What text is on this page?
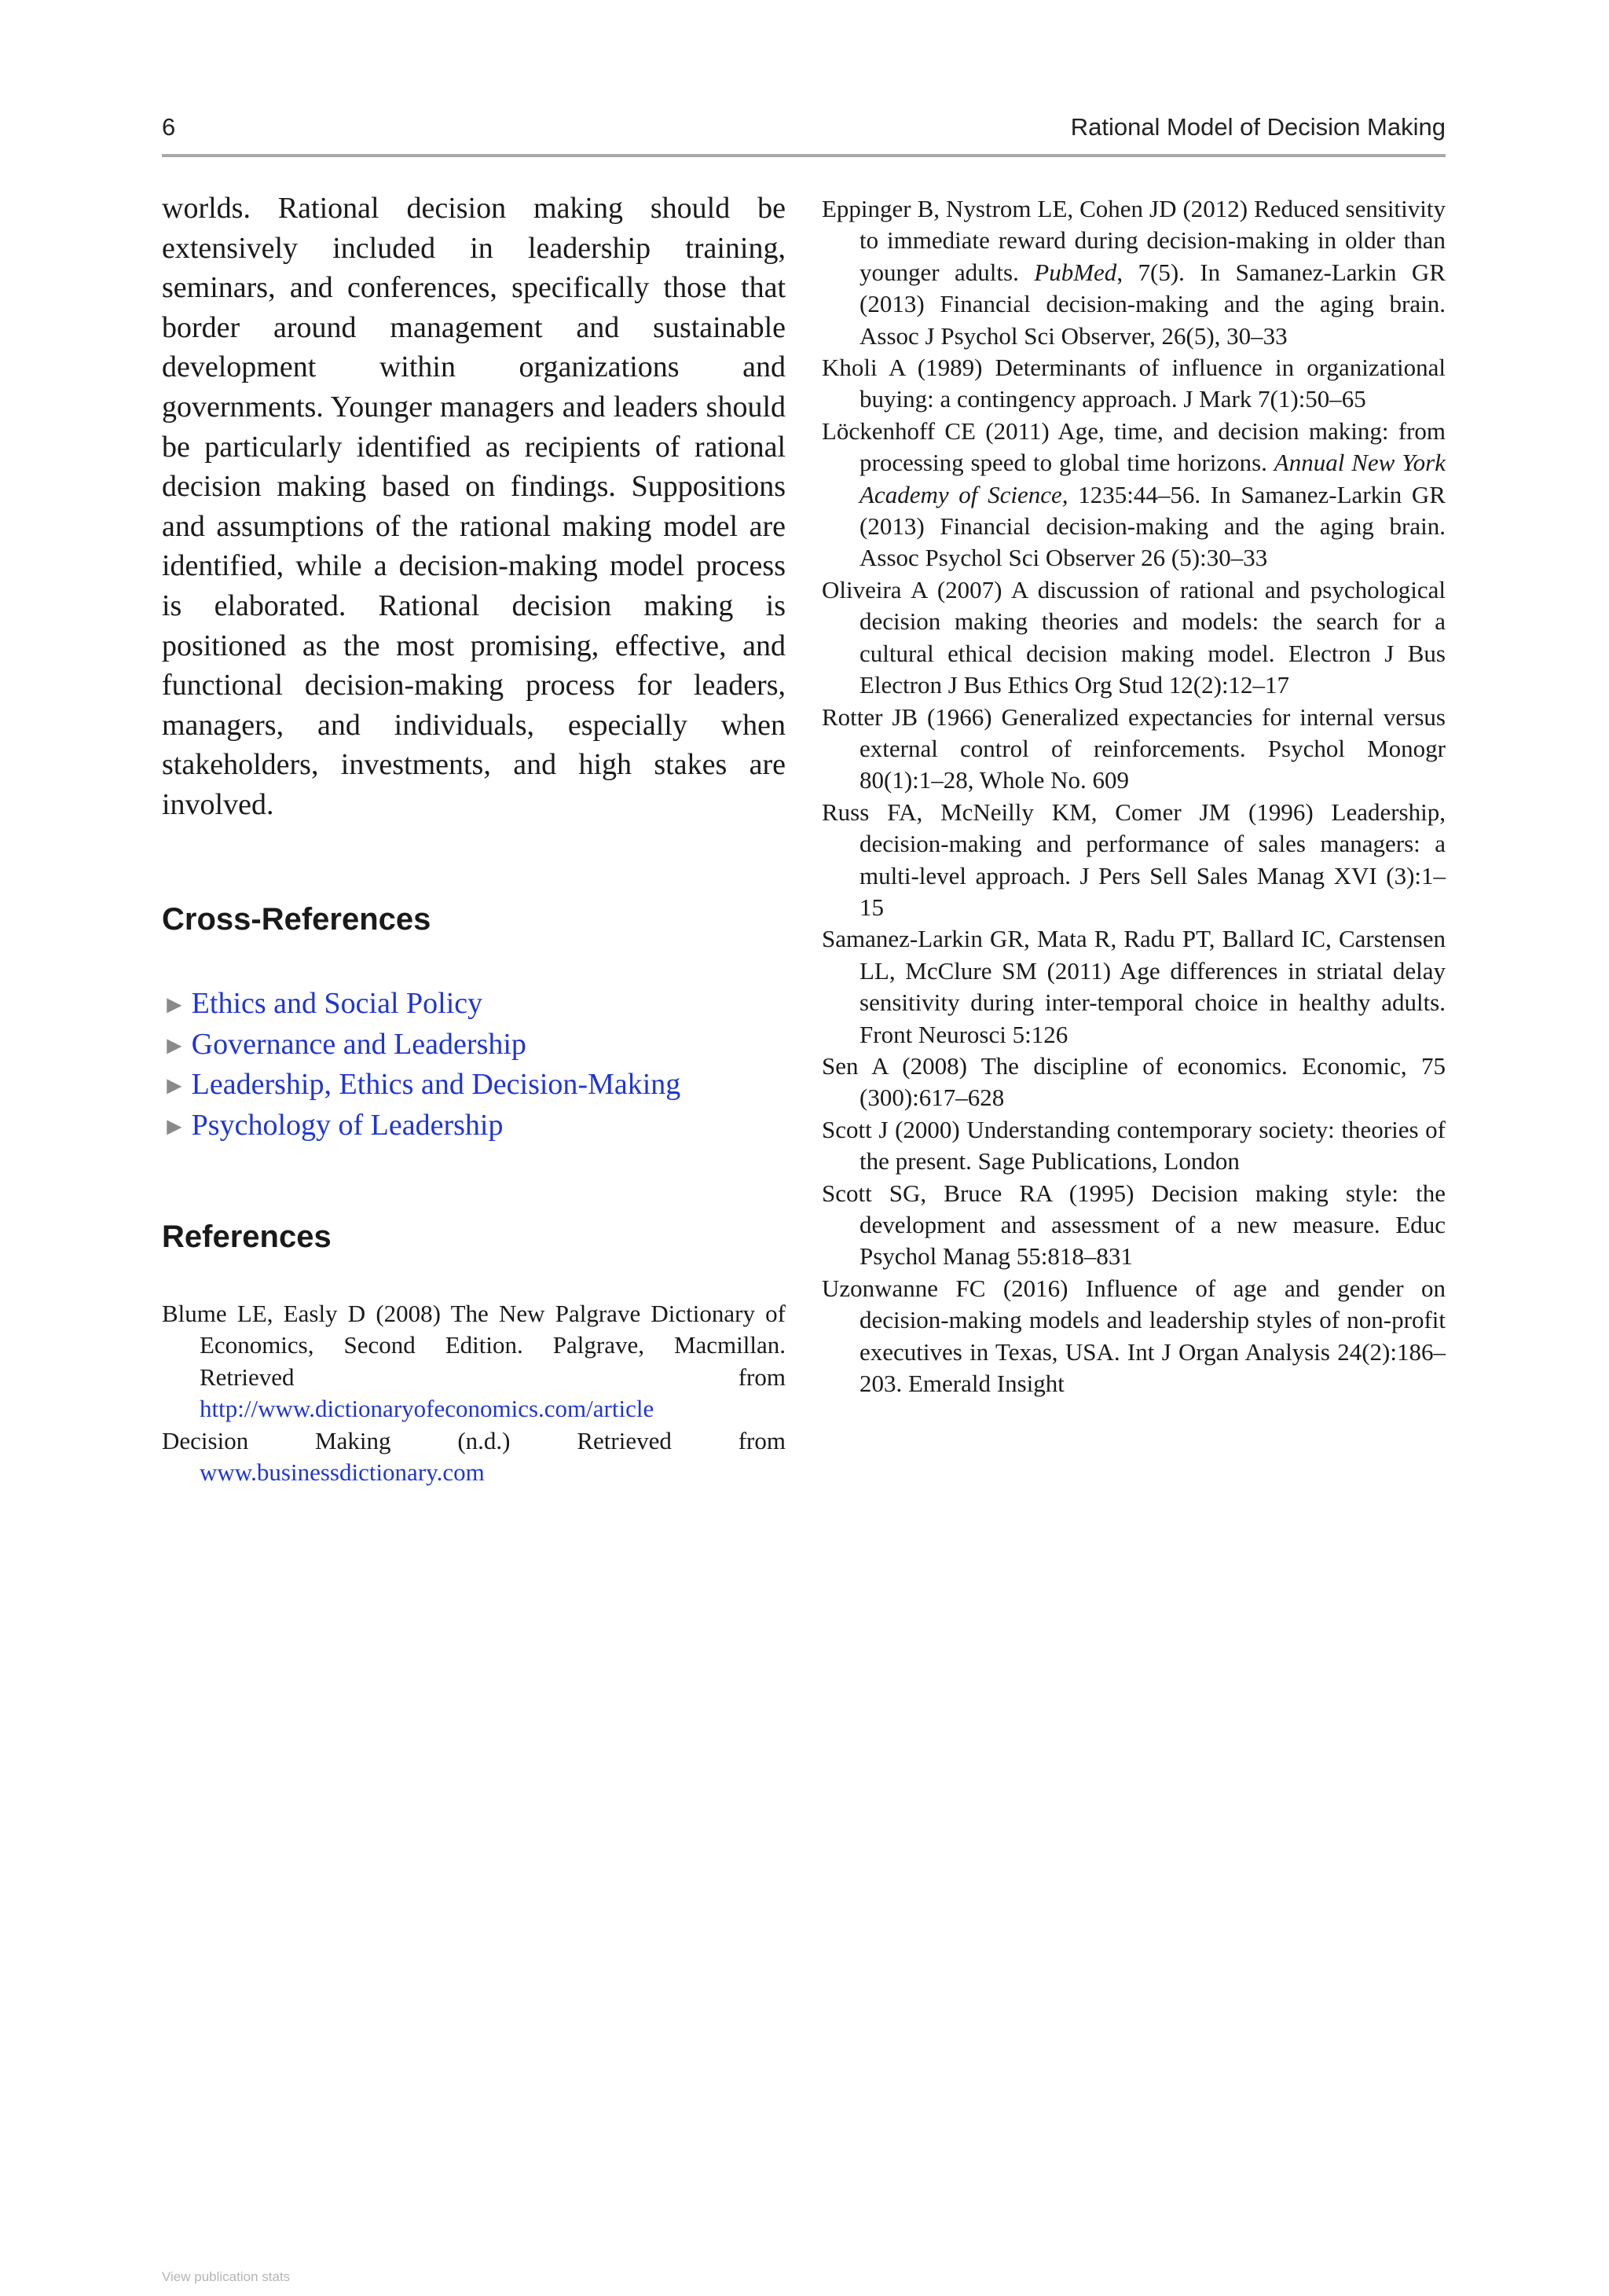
6	Rational Model of Decision Making

worlds. Rational decision making should be extensively included in leadership training, seminars, and conferences, specifically those that border around management and sustainable development within organizations and governments. Younger managers and leaders should be particularly identified as recipients of rational decision making based on findings. Suppositions and assumptions of the rational making model are identified, while a decision-making model process is elaborated. Rational decision making is positioned as the most promising, effective, and functional decision-making process for leaders, managers, and individuals, especially when stakeholders, investments, and high stakes are involved.

Cross-References
► Ethics and Social Policy
► Governance and Leadership
► Leadership, Ethics and Decision-Making
► Psychology of Leadership
References
Blume LE, Easly D (2008) The New Palgrave Dictionary of Economics, Second Edition. Palgrave, Macmillan. Retrieved from http://www.dictionaryofeconomics.com/article
Decision Making (n.d.) Retrieved from www.businessdictionary.com
Eppinger B, Nystrom LE, Cohen JD (2012) Reduced sensitivity to immediate reward during decision-making in older than younger adults. PubMed, 7(5). In Samanez-Larkin GR (2013) Financial decision-making and the aging brain. Assoc J Psychol Sci Observer, 26(5), 30–33
Kholi A (1989) Determinants of influence in organizational buying: a contingency approach. J Mark 7(1):50–65
Löckenhoff CE (2011) Age, time, and decision making: from processing speed to global time horizons. Annual New York Academy of Science, 1235:44–56. In Samanez-Larkin GR (2013) Financial decision-making and the aging brain. Assoc Psychol Sci Observer 26 (5):30–33
Oliveira A (2007) A discussion of rational and psychological decision making theories and models: the search for a cultural ethical decision making model. Electron J Bus Electron J Bus Ethics Org Stud 12(2):12–17
Rotter JB (1966) Generalized expectancies for internal versus external control of reinforcements. Psychol Monogr 80(1):1–28, Whole No. 609
Russ FA, McNeilly KM, Comer JM (1996) Leadership, decision-making and performance of sales managers: a multi-level approach. J Pers Sell Sales Manag XVI (3):1–15
Samanez-Larkin GR, Mata R, Radu PT, Ballard IC, Carstensen LL, McClure SM (2011) Age differences in striatal delay sensitivity during inter-temporal choice in healthy adults. Front Neurosci 5:126
Sen A (2008) The discipline of economics. Economic, 75 (300):617–628
Scott J (2000) Understanding contemporary society: theories of the present. Sage Publications, London
Scott SG, Bruce RA (1995) Decision making style: the development and assessment of a new measure. Educ Psychol Manag 55:818–831
Uzonwanne FC (2016) Influence of age and gender on decision-making models and leadership styles of non-profit executives in Texas, USA. Int J Organ Analysis 24(2):186–203. Emerald Insight
View publication stats
